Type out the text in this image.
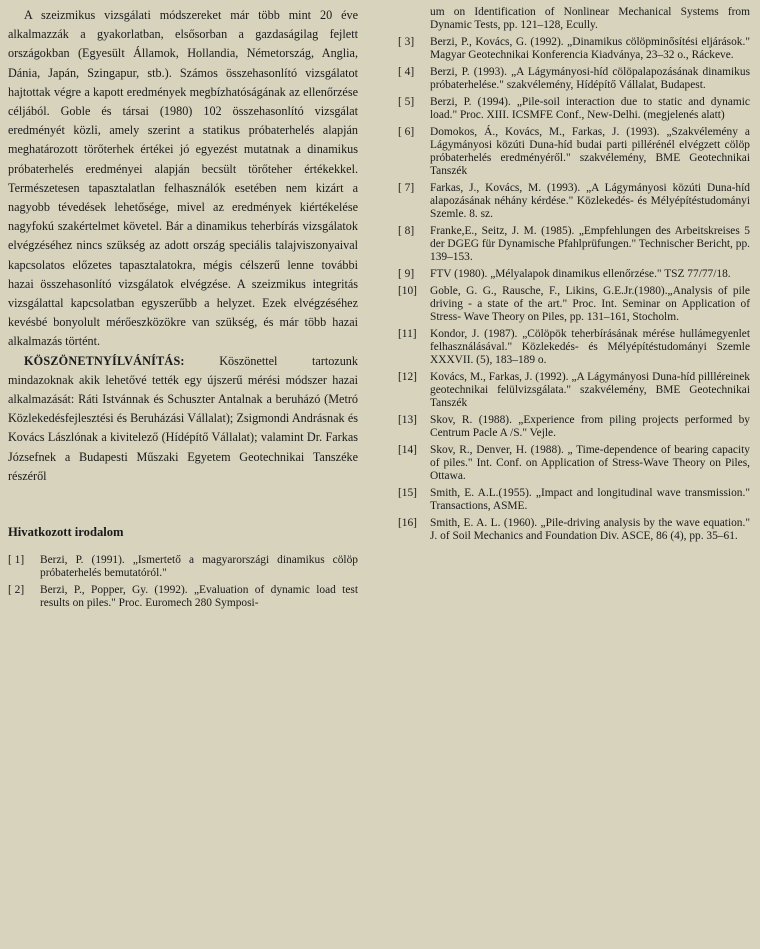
A szeizmikus vizsgálati módszereket már több mint 20 éve alkalmazzák a gyakorlatban, elsősorban a gazdaságilag fejlett országokban (Egyesült Államok, Hollandia, Németország, Anglia, Dánia, Japán, Szingapur, stb.). Számos összehasonlító vizsgálatot hajtottak végre a kapott eredmények megbízhatóságának az ellenőrzése céljából. Goble és társai (1980) 102 összehasonlító vizsgálat eredményét közli, amely szerint a statikus próbaterhelés alapján meghatározott törőterhek értékei jó egyezést mutatnak a dinamikus próbaterhelés eredményei alapján becsült törőteher értékekkel. Természetesen tapasztalatlan felhasználók esetében nem kizárt a nagyobb tévedések lehetősége, mivel az eredmények kiértékelése nagyfokú szakértelmet követel. Bár a dinamikus teherbírás vizsgálatok elvégzéséhez nincs szükség az adott ország speciális talajviszonyaival kapcsolatos előzetes tapasztalatokra, mégis célszerű lenne további hazai összehasonlító vizsgálatok elvégzése. A szeizmikus integritás vizsgálattal kapcsolatban egyszerűbb a helyzet. Ezek elvégzéséhez kevésbé bonyolult mérőeszközökre van szükség, és már több hazai alkalmazás történt.

KÖSZÖNETNYÍLVÁNÍTÁS:	Köszönettel tartozunk mindazoknak akik lehetővé tették egy újszerű mérési módszer hazai alkalmazását: Ráti Istvánnak és Schuszter Antalnak a beruházó (Metró Közlekedésfejlesztési és Beruházási Vállalat); Zsigmondi Andrásnak és Kovács Lászlónak a kivitelező (Hídépítő Vállalat); valamint Dr. Farkas Józsefnek a Budapesti Műszaki Egyetem Geotechnikai Tanszéke részéről

Hivatkozott irodalom
[ 1]	Berzi, P. (1991). „Ismertető a magyarországi dinamikus cölöp próbaterhelés bemutatóról."
[ 2]	Berzi, P., Popper, Gy. (1992). „Evaluation of dynamic load test results on piles." Proc. Euromech 280 Symposi-
um on Identification of Nonlinear Mechanical Systems from Dynamic Tests, pp. 121–128, Ecully.
[ 3]	Berzi, P., Kovács, G. (1992). „Dinamikus cölöpminősítési eljárások." Magyar Geotechnikai Konferencia Kiadványa, 23–32 o., Ráckeve.
[ 4]	Berzi, P. (1993). „A Lágymányosi-híd cölöpalapozásának dinamikus próbaterhelése." szakvélemény, Hídépítő Vállalat, Budapest.
[ 5]	Berzi, P. (1994). „Pile-soil interaction due to static and dynamic load." Proc. XIII. ICSMFE Conf., New-Delhi. (megjelenés alatt)
[ 6]	Domokos, Á., Kovács, M., Farkas, J. (1993). „Szakvélemény a Lágymányosi közúti Duna-híd budai parti pillérénél elvégzett cölöp próbaterhelés eredményéről." szakvélemény, BME Geotechnikai Tanszék
[ 7]	Farkas, J., Kovács, M. (1993). „A Lágymányosi közúti Duna-híd alapozásának néhány kérdése." Közlekedés- és Mélyépítéstudományi Szemle. 8. sz.
[ 8]	Franke,E., Seitz, J. M. (1985). „Empfehlungen des Arbeitskreises 5 der DGEG für Dynamische Pfahlprüfungen." Technischer Bericht, pp. 139–153.
[ 9]	FTV (1980). „Mélyalapok dinamikus ellenőrzése." TSZ 77/77/18.
[10]	Goble, G. G., Rausche, F., Likins, G.E.Jr.(1980).„Analysis of pile driving - a state of the art." Proc. Int. Seminar on Application of Stress- Wave Theory on Piles, pp. 131–161, Stocholm.
[11]	Kondor, J. (1987). „Cölöpök teherbírásának mérése hullámegyenlet felhasználásával." Közlekedés- és Mélyépítéstudományi Szemle XXXVII. (5), 183–189 o.
[12]	Kovács, M., Farkas, J. (1992). „A Lágymányosi Duna-híd pillléreinek geotechnikai felülvizsgálata." szakvélemény, BME Geotechnikai Tanszék
[13]	Skov, R. (1988). „Experience from piling projects performed by Centrum Pacle A /S." Vejle.
[14]	Skov, R., Denver, H. (1988). „ Time-dependence of bearing capacity of piles." Int. Conf. on Application of Stress-Wave Theory on Piles, Ottawa.
[15]	Smith, E. A.L.(1955). „Impact and longitudinal wave transmission." Transactions, ASME.
[16]	Smith, E. A. L. (1960). „Pile-driving analysis by the wave equation." J. of Soil Mechanics and Foundation Div. ASCE, 86 (4), pp. 35–61.
